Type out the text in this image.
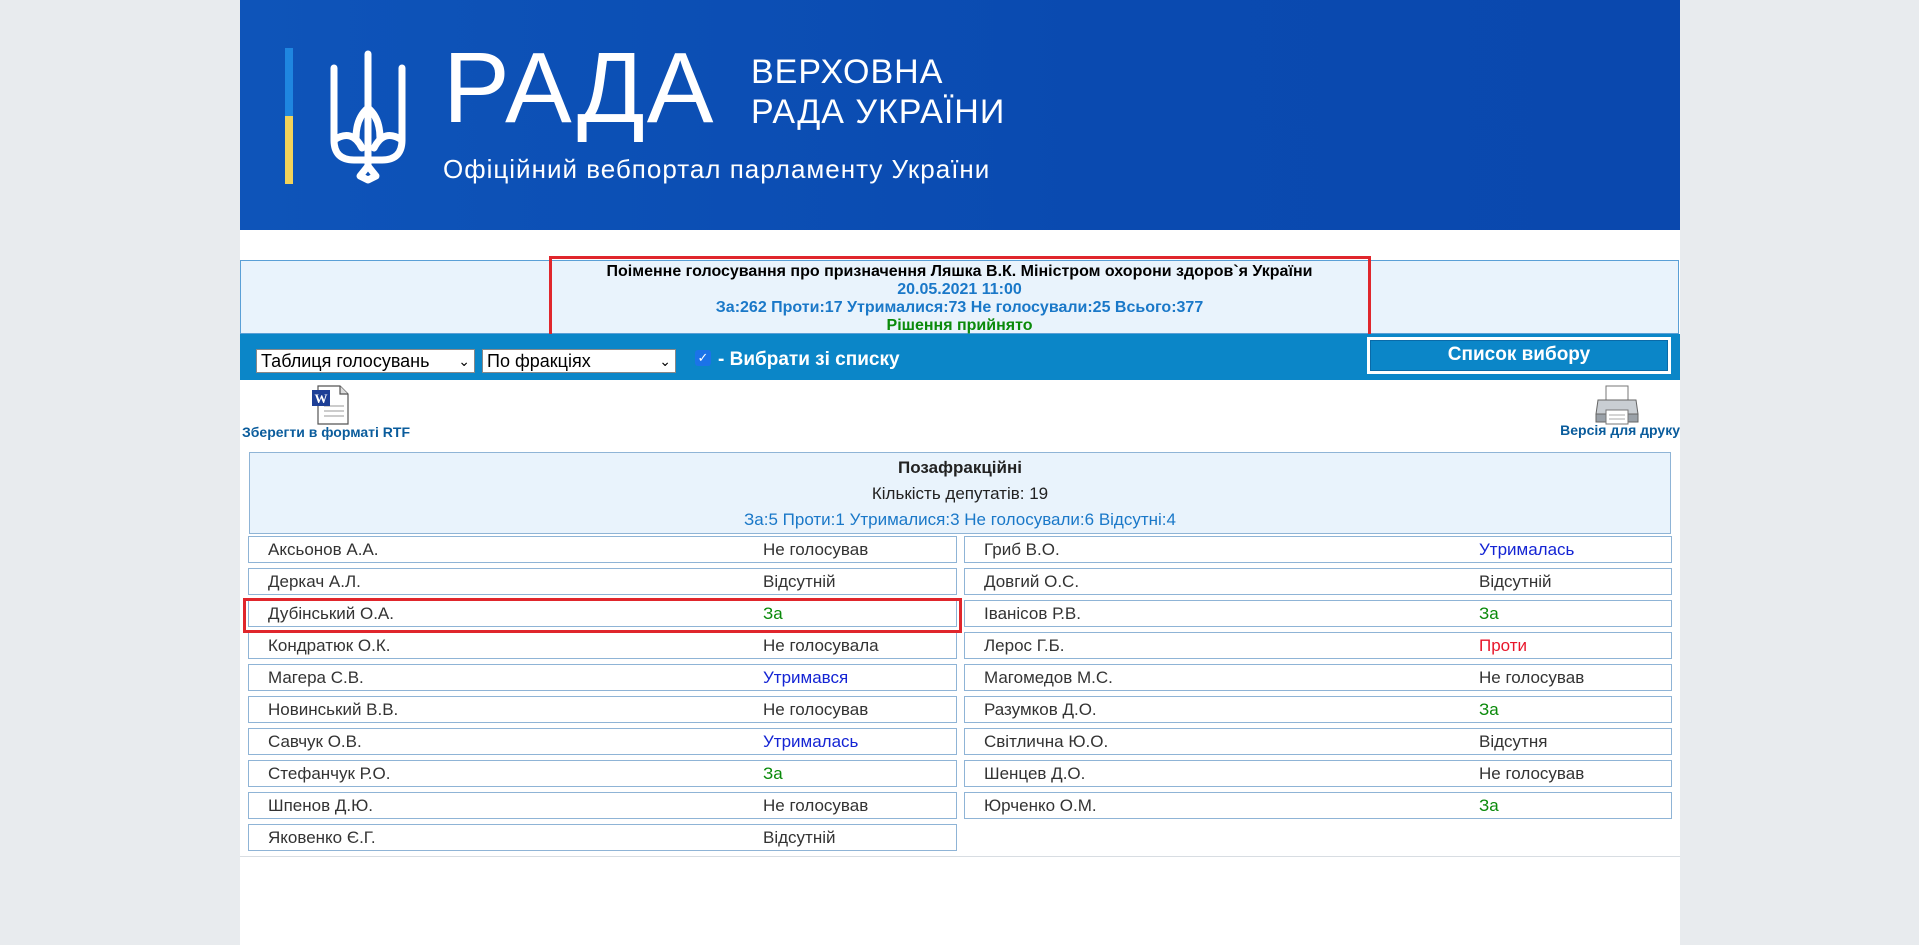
РАДА ВЕРХОВНА
РАДА УКРАЇНИ
Офіційний вебпортал парламенту України
Поіменне голосування про призначення Ляшка В.К. Міністром охорони здоров`я України
20.05.2021 11:00
За:262 Проти:17 Утрималися:73 Не голосували:25 Всього:377
Рішення прийнято
Таблиця голосувань ⌄ По фракціях	⌄ ✓ - Вибрати зі списку	Список вибору
W
Зберегти в форматі RTF	Версія для друку
Позафракційні
Кількість депутатів: 19
За:5 Проти:1 Утрималися:3 Не голосували:6 Відсутні:4
Аксьонов А.А.	Не голосував
Деркач А.Л.	Відсутній
Дубінський О.А.	За
Кондратюк О.К.	Не голосувала
Магера С.В.	Утримався
Новинський В.В.	Не голосував
Савчук О.В.	Утрималась
Стефанчук Р.О.	За
Шпенов Д.Ю.	Не голосував
Яковенко Є.Г.	Відсутній
Гриб В.О.	Утрималась
Довгий О.С.	Відсутній
Іванісов Р.В.	За
Лерос Г.Б.	Проти
Магомедов М.С.	Не голосував
Разумков Д.О.	За
Світлична Ю.О.	Відсутня
Шенцев Д.О.	Не голосував
Юрченко О.М.	За
